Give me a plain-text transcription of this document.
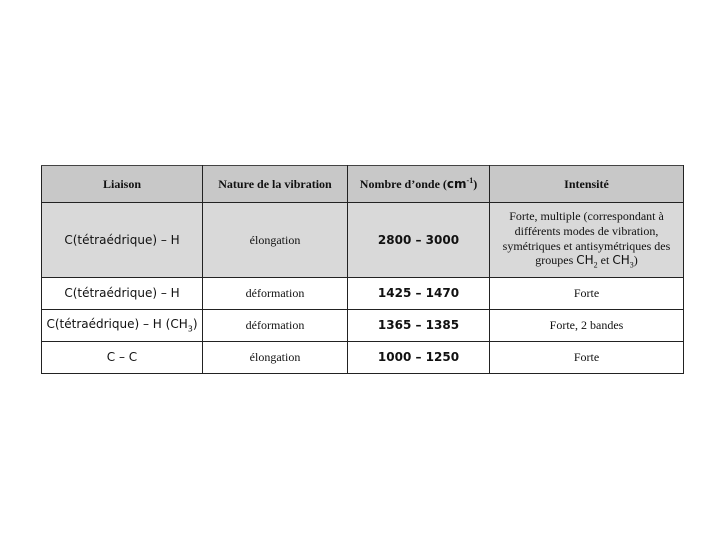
Liaison	Nature de la vibration	Nombre d’onde $(cm^{-1})$	Intensité
C(tétraédrique) – H	élongation	2800 – 3000	Forte, multiple (correspondant à différents modes de vibration, symétriques et antisymétriques des groupes $CH_2$ et $CH_3$)
C(tétraédrique) – H	déformation	1425 – 1470	Forte
C(tétraédrique) – H $(CH_3)$	déformation	1365 – 1385	Forte, 2 bandes
C – C	élongation	1000 – 1250	Forte
